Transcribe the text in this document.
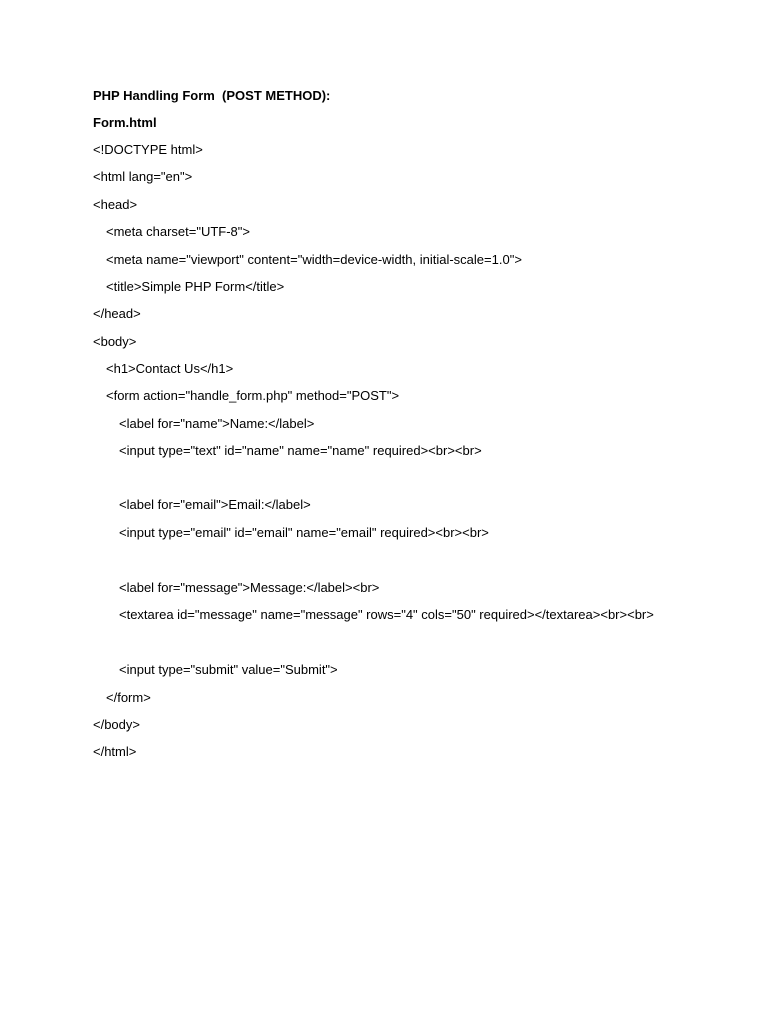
PHP Handling Form  (POST METHOD):
Form.html
<!DOCTYPE html>
<html lang="en">
<head>
<meta charset="UTF-8">
<meta name="viewport" content="width=device-width, initial-scale=1.0">
<title>Simple PHP Form</title>
</head>
<body>
<h1>Contact Us</h1>
<form action="handle_form.php" method="POST">
<label for="name">Name:</label>
<input type="text" id="name" name="name" required><br><br>
<label for="email">Email:</label>
<input type="email" id="email" name="email" required><br><br>
<label for="message">Message:</label><br>
<textarea id="message" name="message" rows="4" cols="50" required></textarea><br><br>
<input type="submit" value="Submit">
</form>
</body>
</html>
